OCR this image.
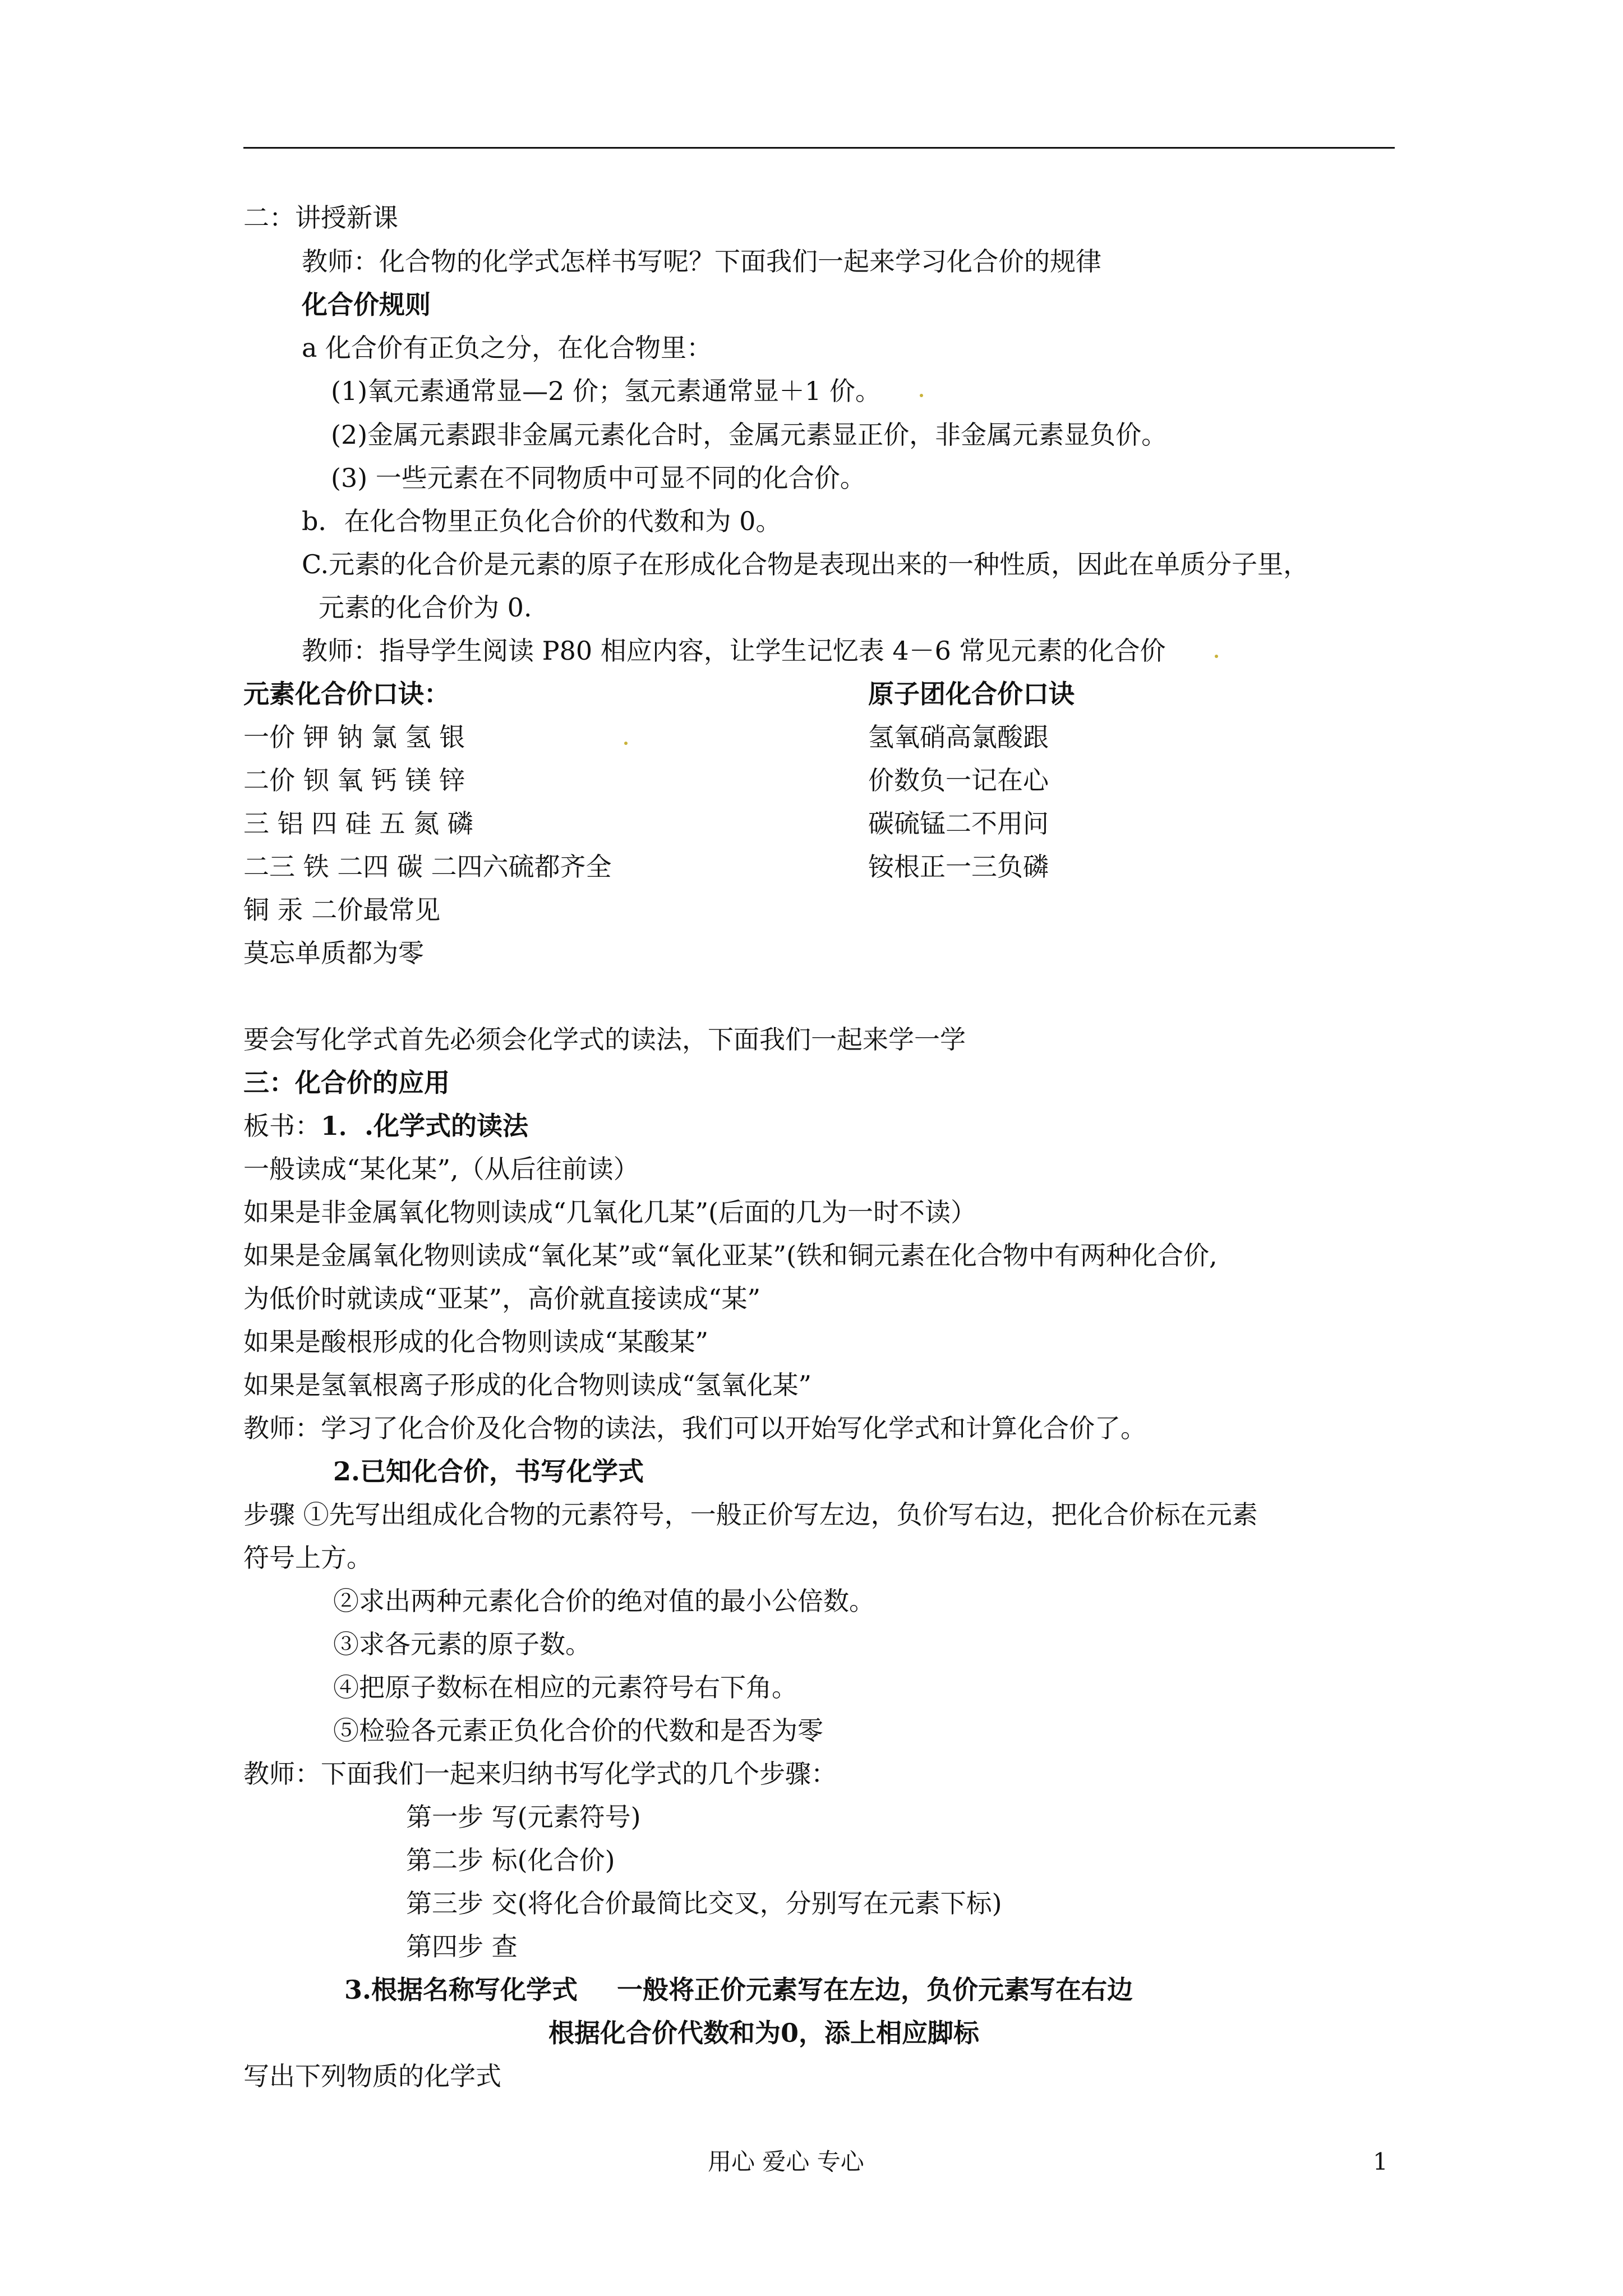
二：讲授新课
教师：化合物的化学式怎样书写呢？下面我们一起来学习化合价的规律
化合价规则
a 化合价有正负之分，在化合物里：
(1)氧元素通常显—2 价；氢元素通常显＋1 价。
(2)金属元素跟非金属元素化合时，金属元素显正价，非金属元素显负价。
(3) 一些元素在不同物质中可显不同的化合价。
b．在化合物里正负化合价的代数和为 0。
C.元素的化合价是元素的原子在形成化合物是表现出来的一种性质，因此在单质分子里，
元素的化合价为 0.
教师：指导学生阅读 P80 相应内容，让学生记忆表 4－6 常见元素的化合价
元素化合价口诀：	原子团化合价口诀
一价 钾 钠 氯 氢 银
二价 钡 氧 钙 镁 锌
三 铝 四 硅 五 氮 磷
二三 铁 二四 碳 二四六硫都齐全
铜 汞 二价最常见
莫忘单质都为零
氢氧硝高氯酸跟
价数负一记在心
碳硫锰二不用问
铵根正一三负磷
要会写化学式首先必须会化学式的读法，下面我们一起来学一学
三：化合价的应用
板书：1．.化学式的读法
一般读成“某化某”,（从后往前读）
如果是非金属氧化物则读成“几氧化几某”(后面的几为一时不读）
如果是金属氧化物则读成“氧化某”或“氧化亚某”(铁和铜元素在化合物中有两种化合价,
为低价时就读成“亚某”，高价就直接读成“某”
如果是酸根形成的化合物则读成“某酸某”
如果是氢氧根离子形成的化合物则读成“氢氧化某”
教师：学习了化合价及化合物的读法，我们可以开始写化学式和计算化合价了。
2.已知化合价，书写化学式
步骤 ①先写出组成化合物的元素符号，一般正价写左边，负价写右边，把化合价标在元素
符号上方。
②求出两种元素化合价的绝对值的最小公倍数。
③求各元素的原子数。
④把原子数标在相应的元素符号右下角。
⑤检验各元素正负化合价的代数和是否为零
教师：下面我们一起来归纳书写化学式的几个步骤：
第一步 写(元素符号)
第二步 标(化合价)
第三步 交(将化合价最简比交叉，分别写在元素下标)
第四步 查
3.根据名称写化学式 一般将正价元素写在左边，负价元素写在右边
根据化合价代数和为0，添上相应脚标
写出下列物质的化学式
用心 爱心 专心	1
